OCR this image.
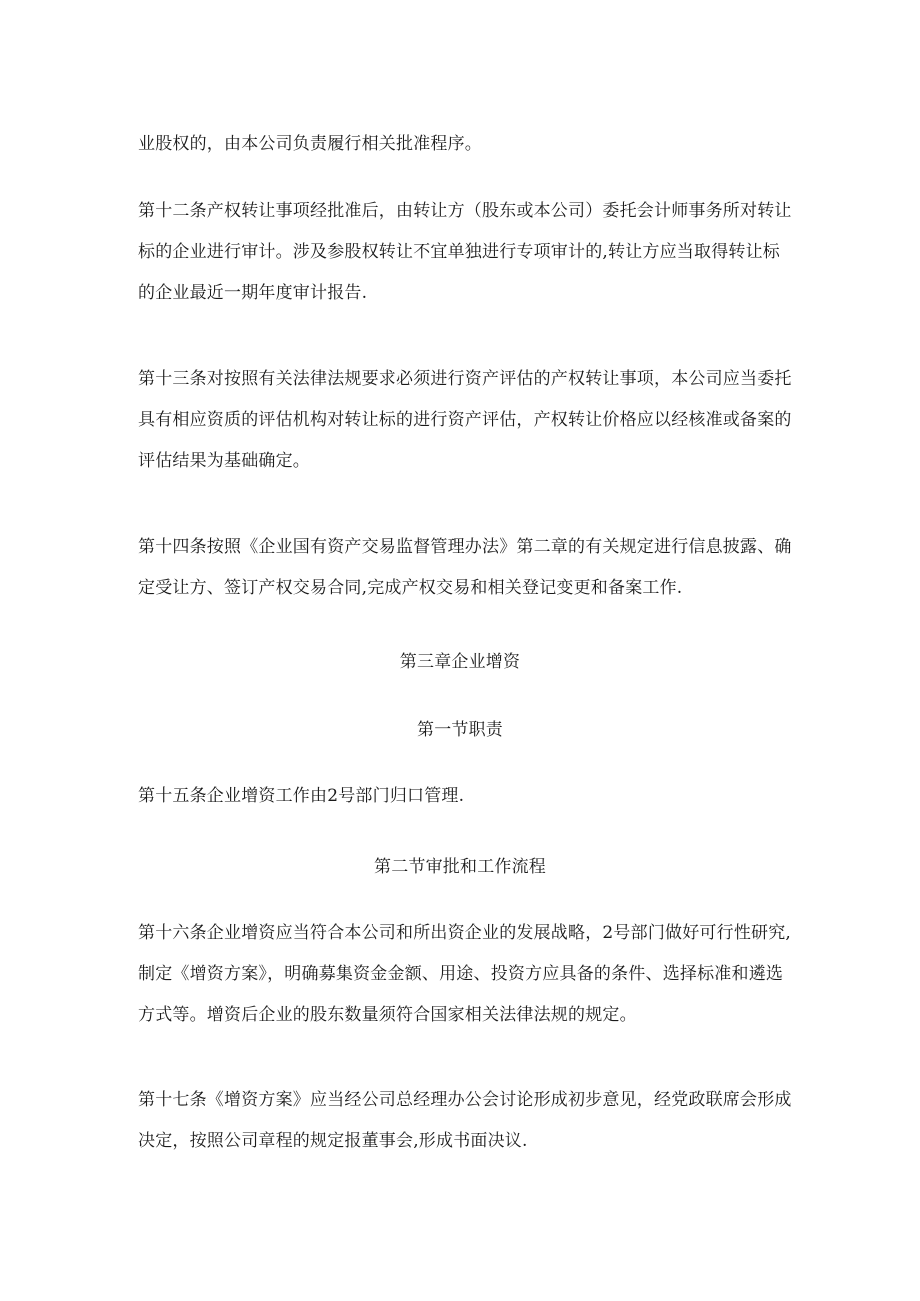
业股权的，由本公司负责履行相关批准程序。

第十二条产权转让事项经批准后，由转让方（股东或本公司）委托会计师事务所对转让
标的企业进行审计。涉及参股权转让不宜单独进行专项审计的,转让方应当取得转让标
的企业最近一期年度审计报告.

第十三条对按照有关法律法规要求必须进行资产评估的产权转让事项，本公司应当委托
具有相应资质的评估机构对转让标的进行资产评估，产权转让价格应以经核准或备案的
评估结果为基础确定。

第十四条按照《企业国有资产交易监督管理办法》第二章的有关规定进行信息披露、确
定受让方、签订产权交易合同,完成产权交易和相关登记变更和备案工作.

第三章企业增资

第一节职责

第十五条企业增资工作由2号部门归口管理.

第二节审批和工作流程

第十六条企业增资应当符合本公司和所出资企业的发展战略，2号部门做好可行性研究,
制定《增资方案》，明确募集资金金额、用途、投资方应具备的条件、选择标准和遴选
方式等。增资后企业的股东数量须符合国家相关法律法规的规定。

第十七条《增资方案》应当经公司总经理办公会讨论形成初步意见，经党政联席会形成
决定，按照公司章程的规定报董事会,形成书面决议.
